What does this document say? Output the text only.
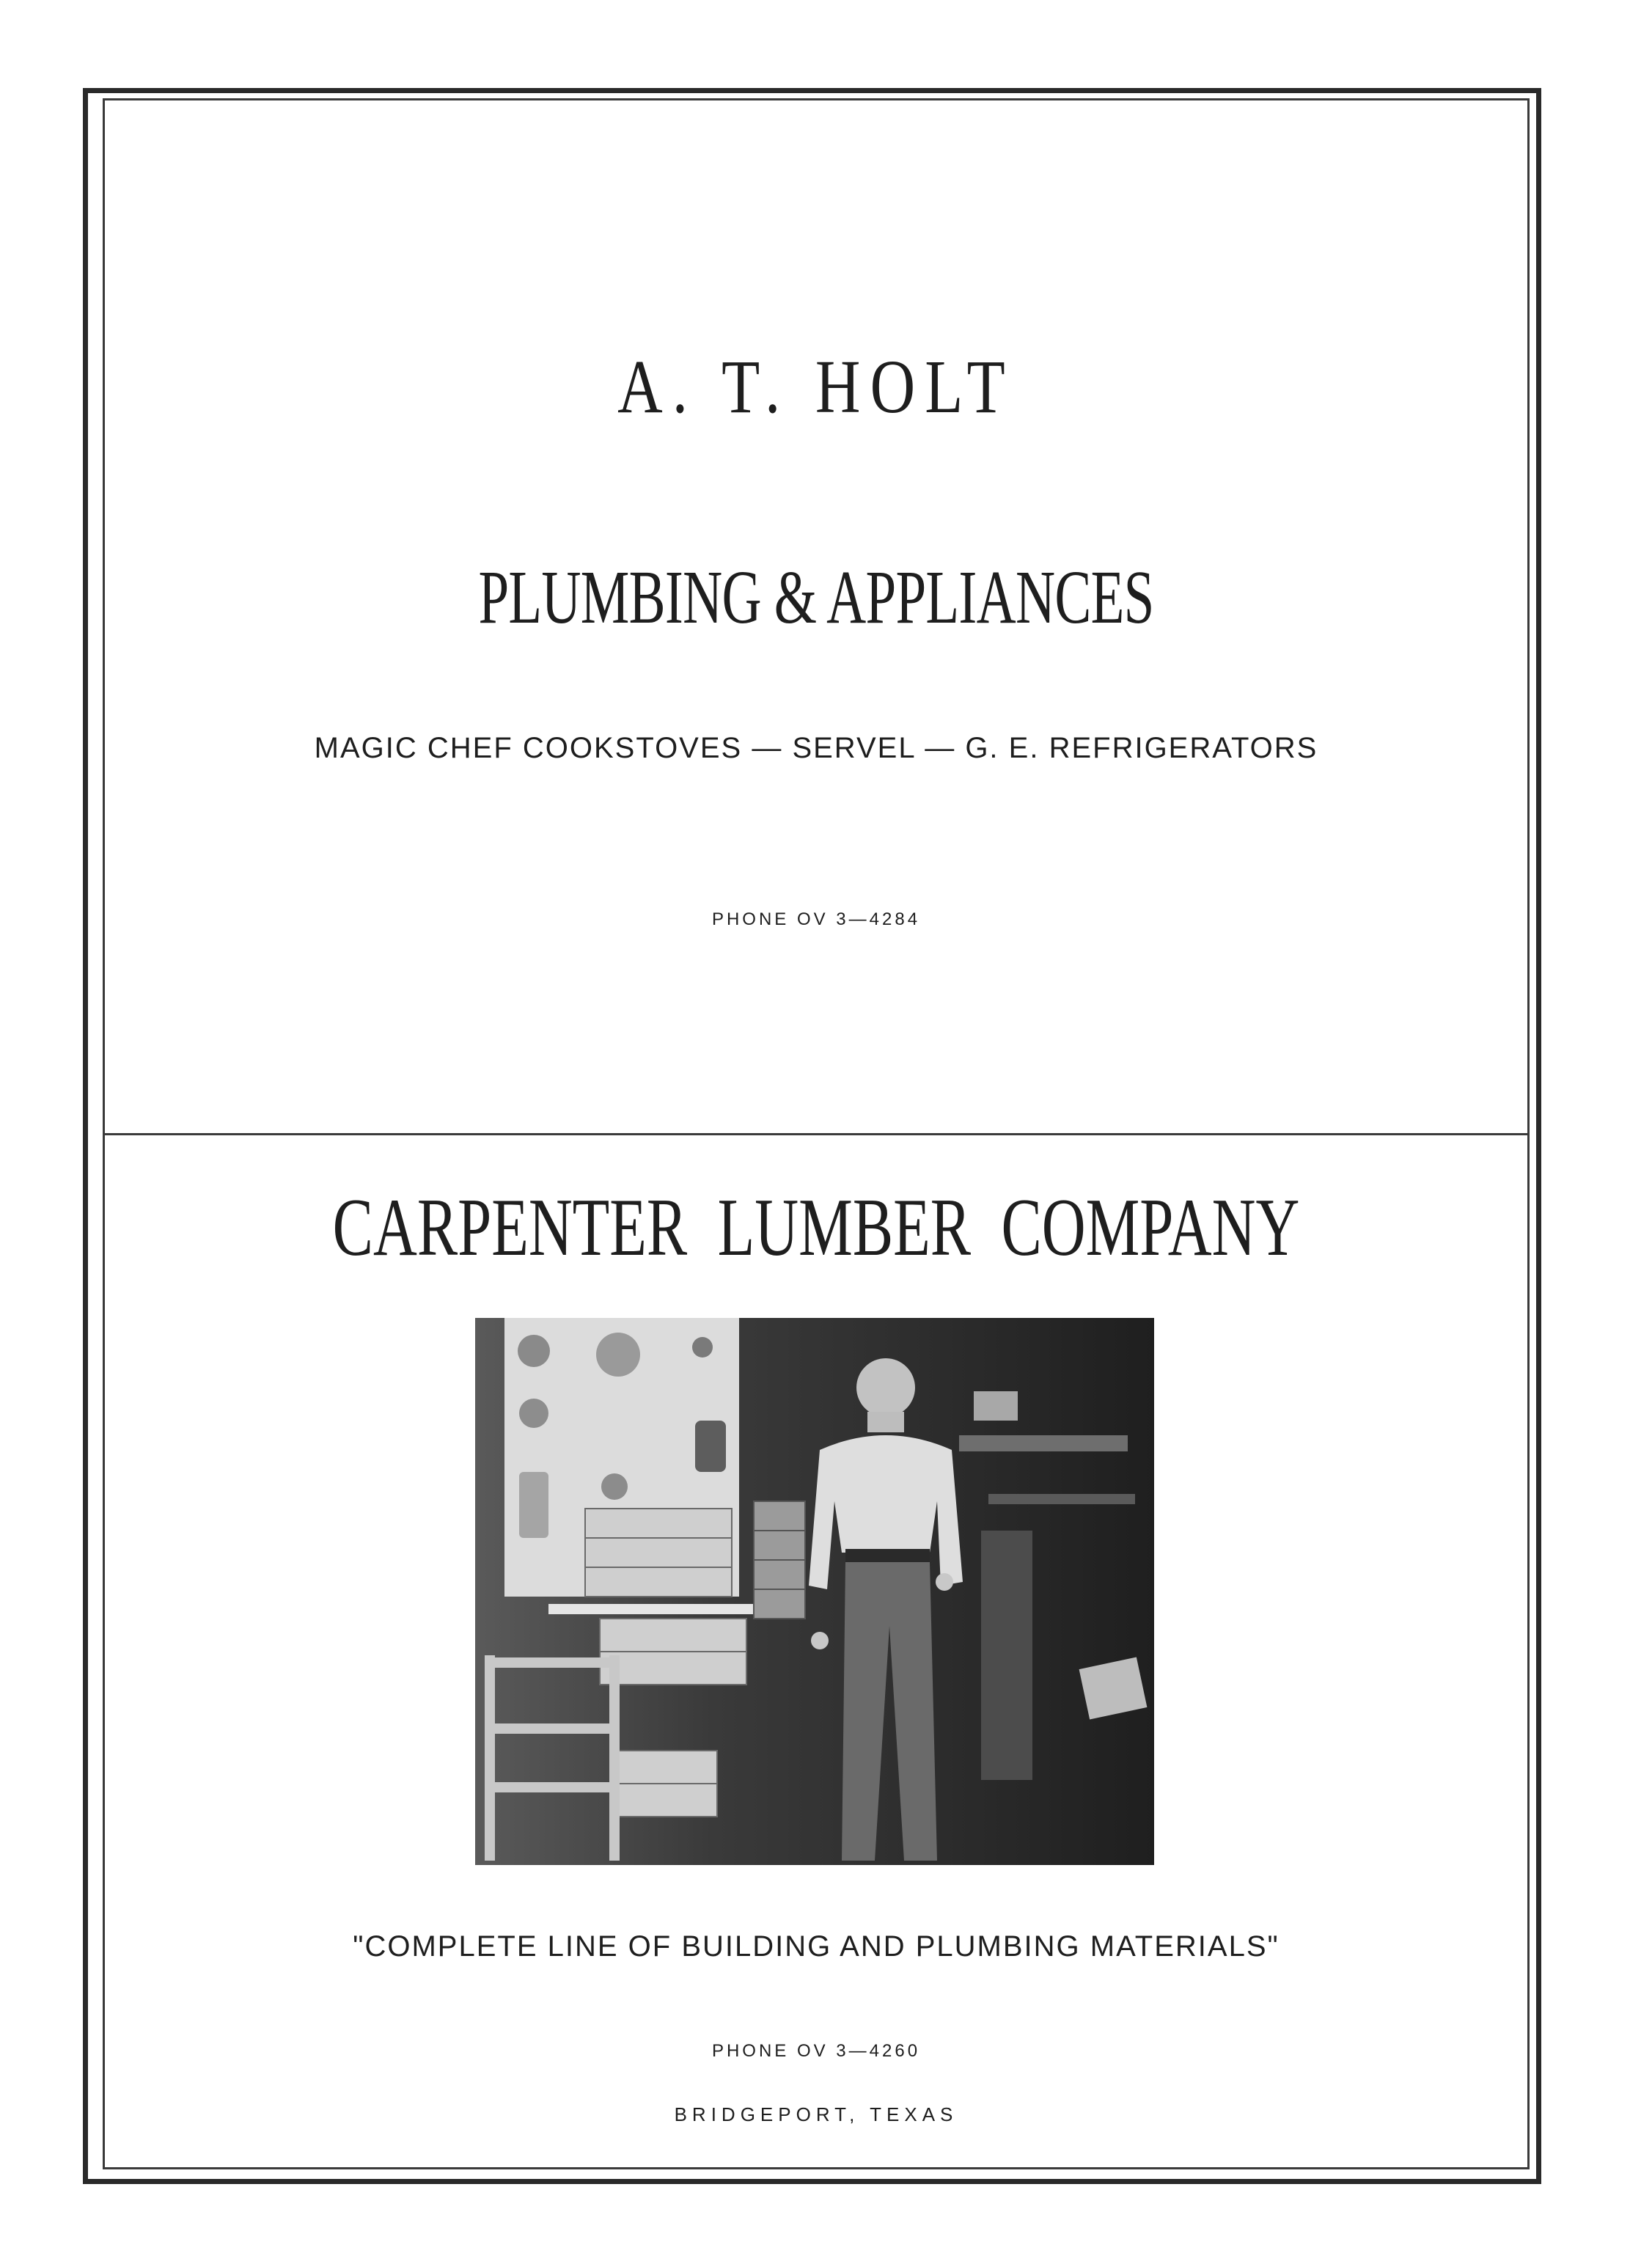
A. T. HOLT
PLUMBING & APPLIANCES
MAGIC CHEF COOKSTOVES — SERVEL — G. E. REFRIGERATORS
PHONE OV 3—4284
CARPENTER LUMBER COMPANY
"COMPLETE LINE OF BUILDING AND PLUMBING MATERIALS"
PHONE OV 3—4260
BRIDGEPORT, TEXAS
